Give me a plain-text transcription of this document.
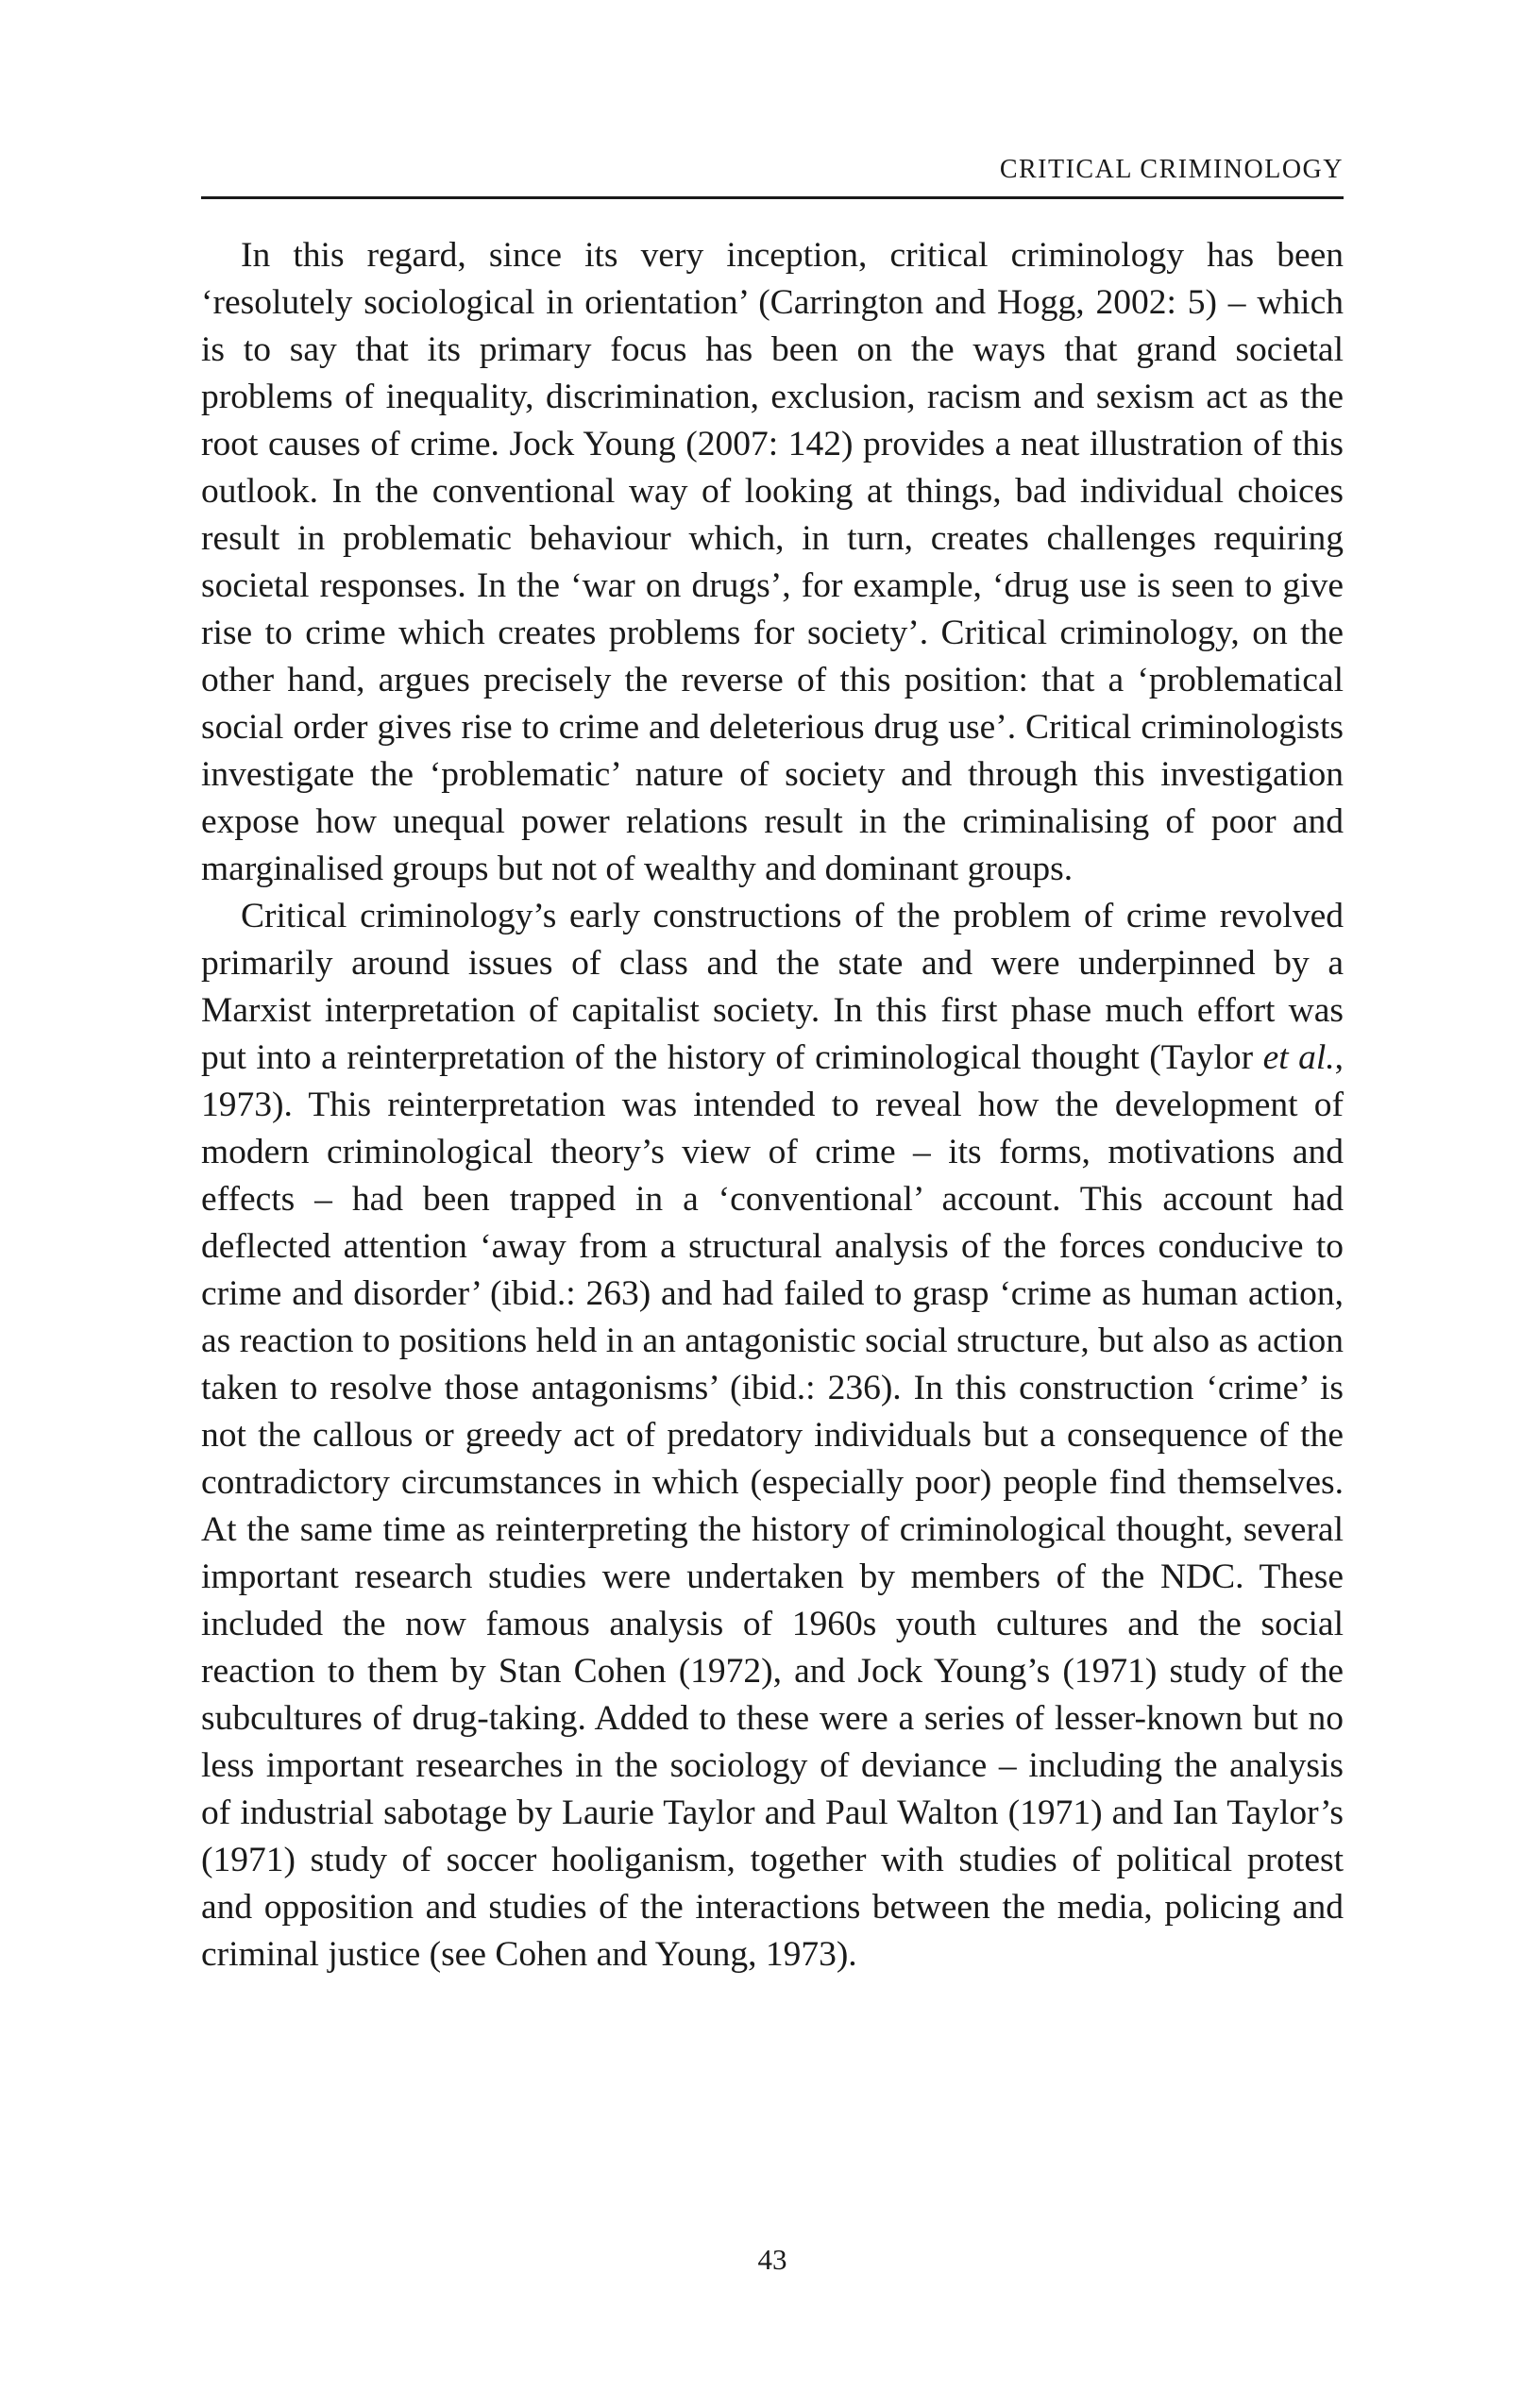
CRITICAL CRIMINOLOGY

In this regard, since its very inception, critical criminology has been ‘resolutely sociological in orientation’ (Carrington and Hogg, 2002: 5) – which is to say that its primary focus has been on the ways that grand societal problems of inequality, discrimination, exclusion, racism and sexism act as the root causes of crime. Jock Young (2007: 142) provides a neat illustration of this outlook. In the conventional way of looking at things, bad individual choices result in problematic behaviour which, in turn, creates challenges requiring societal responses. In the ‘war on drugs’, for example, ‘drug use is seen to give rise to crime which creates problems for society’. Critical criminology, on the other hand, argues precisely the reverse of this position: that a ‘problematical social order gives rise to crime and deleterious drug use’. Critical criminologists investigate the ‘problematic’ nature of society and through this investigation expose how unequal power relations result in the criminalising of poor and marginalised groups but not of wealthy and dominant groups.

Critical criminology’s early constructions of the problem of crime revolved primarily around issues of class and the state and were underpinned by a Marxist interpretation of capitalist society. In this first phase much effort was put into a reinterpretation of the history of criminological thought (Taylor et al., 1973). This reinterpretation was intended to reveal how the development of modern criminological theory’s view of crime – its forms, motivations and effects – had been trapped in a ‘conventional’ account. This account had deflected attention ‘away from a structural analysis of the forces conducive to crime and disorder’ (ibid.: 263) and had failed to grasp ‘crime as human action, as reaction to positions held in an antagonistic social structure, but also as action taken to resolve those antagonisms’ (ibid.: 236). In this construction ‘crime’ is not the callous or greedy act of predatory individuals but a consequence of the contradictory circumstances in which (especially poor) people find themselves. At the same time as reinterpreting the history of criminological thought, several important research studies were undertaken by members of the NDC. These included the now famous analysis of 1960s youth cultures and the social reaction to them by Stan Cohen (1972), and Jock Young’s (1971) study of the subcultures of drug-taking. Added to these were a series of lesser-known but no less important researches in the sociology of deviance – including the analysis of industrial sabotage by Laurie Taylor and Paul Walton (1971) and Ian Taylor’s (1971) study of soccer hooliganism, together with studies of political protest and opposition and studies of the interactions between the media, policing and criminal justice (see Cohen and Young, 1973).

43
